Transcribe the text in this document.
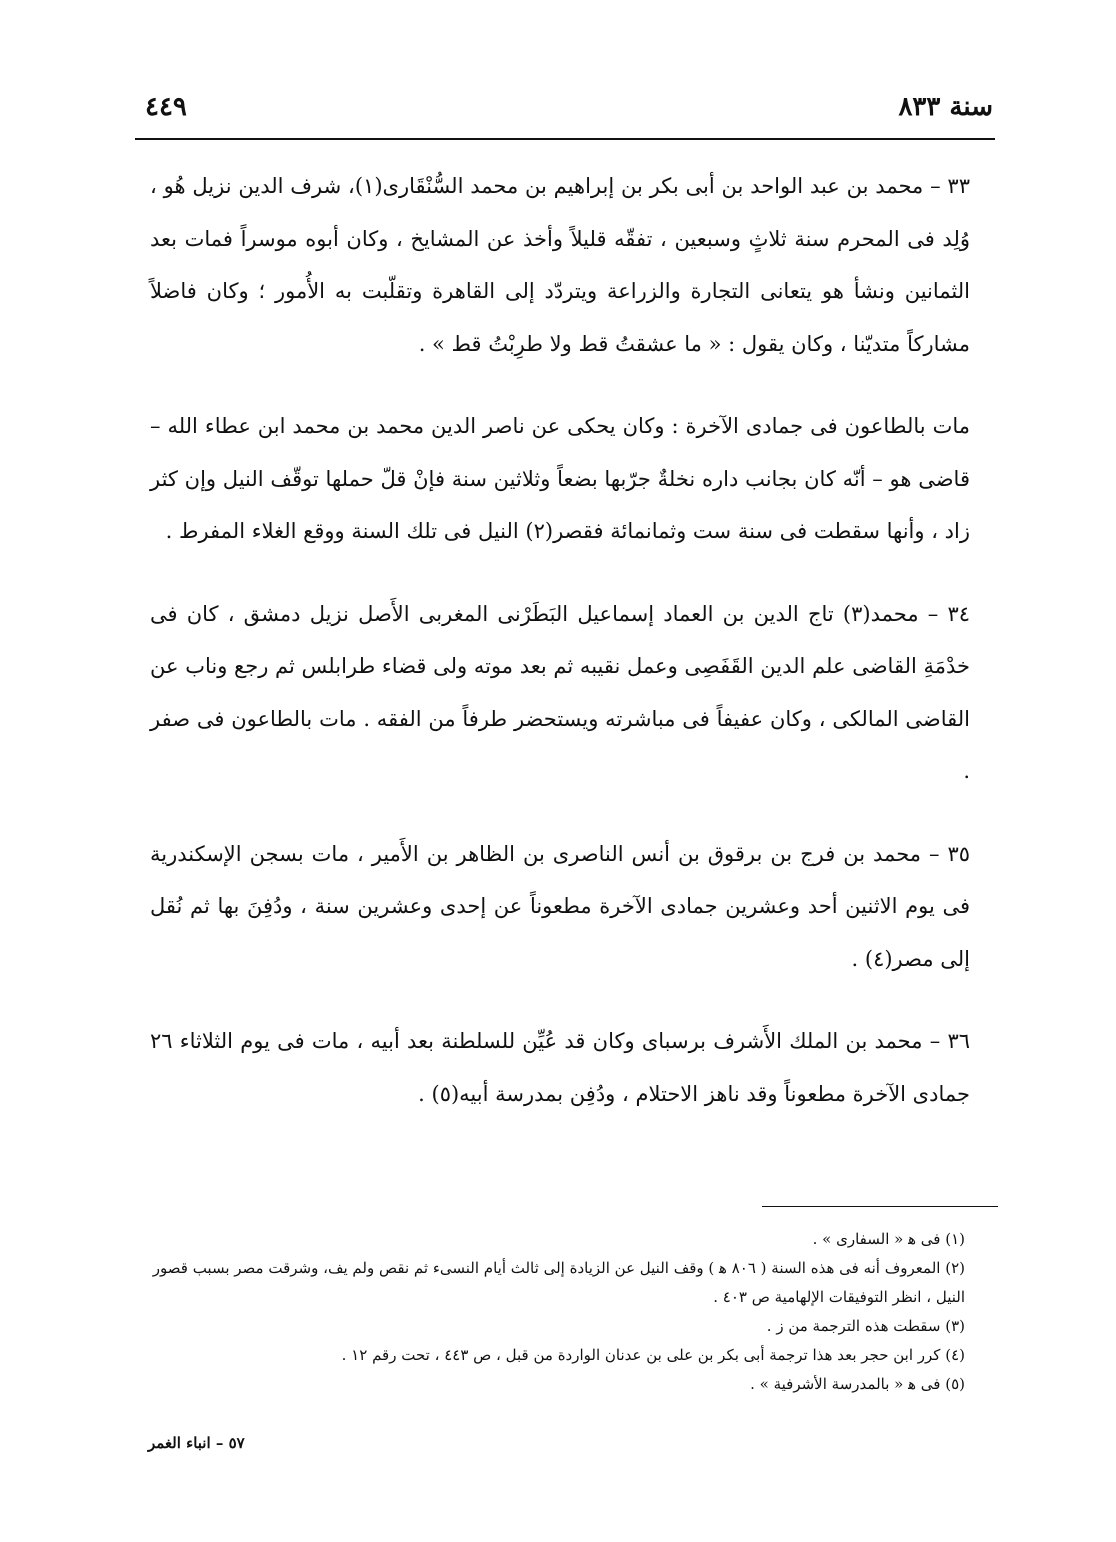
سنة ٨٣٣
٤٤٩

٣٣ – محمد بن عبد الواحد بن أبى بكر بن إبراهيم بن محمد السُّنْقَارى(١)، شرف الدين نزيل هُو ، وُلِد فى المحرم سنة ثلاثٍ وسبعين ، تفقّه قليلاً وأخذ عن المشايخ ، وكان أبوه موسراً فمات بعد الثمانين ونشأ هو يتعانى التجارة والزراعة ويتردّد إلى القاهرة وتقلّبت به الأُمور ؛ وكان فاضلاً مشاركاً متديّنا ، وكان يقول : « ما عشقتُ قط ولا طرِبْتُ قط » .

مات بالطاعون فى جمادى الآخرة : وكان يحكى عن ناصر الدين محمد بن محمد ابن عطاء الله – قاضى هو – أنّه كان بجانب داره نخلةٌ جرّبها بضعاً وثلاثين سنة فإنْ قلّ حملها توقّف النيل وإن كثر زاد ، وأنها سقطت فى سنة ست وثمانمائة فقصر(٢) النيل فى تلك السنة ووقع الغلاء المفرط .

٣٤ – محمد(٣) تاج الدين بن العماد إسماعيل البَطَرْنى المغربى الأَصل نزيل دمشق ، كان فى خدْمَةِ القاضى علم الدين القَفَصِى وعمل نقيبه ثم بعد موته ولى قضاء طرابلس ثم رجع وناب عن القاضى المالكى ، وكان عفيفاً فى مباشرته ويستحضر طرفاً من الفقه . مات بالطاعون فى صفر .

٣٥ – محمد بن فرج بن برقوق بن أنس الناصرى بن الظاهر بن الأَمير ، مات بسجن الإسكندرية فى يوم الاثنين أحد وعشرين جمادى الآخرة مطعوناً عن إحدى وعشرين سنة ، ودُفِنَ بها ثم نُقل إلى مصر(٤) .

٣٦ – محمد بن الملك الأَشرف برسباى وكان قد عُيِّن للسلطنة بعد أبيه ، مات فى يوم الثلاثاء ٢٦ جمادى الآخرة مطعوناً وقد ناهز الاحتلام ، ودُفِن بمدرسة أبيه(٥) .

(١) فى ﻫ « السفارى » .

(٢) المعروف أنه فى هذه السنة ( ٨٠٦ ﻫ ) وقف النيل عن الزيادة إلى ثالث أيام النسىء ثم نقص ولم يف، وشرقت مصر بسبب قصور النيل ، انظر التوفيقات الإلهامية ص ٤٠٣ .

(٣) سقطت هذه الترجمة من ز .

(٤) كرر ابن حجر بعد هذا ترجمة أبى بكر بن على بن عدنان الواردة من قبل ، ص ٤٤٣ ، تحت رقم ١٢ .

(٥) فى ﻫ « بالمدرسة الأشرفية » .

٥٧ – انباء الغمر
